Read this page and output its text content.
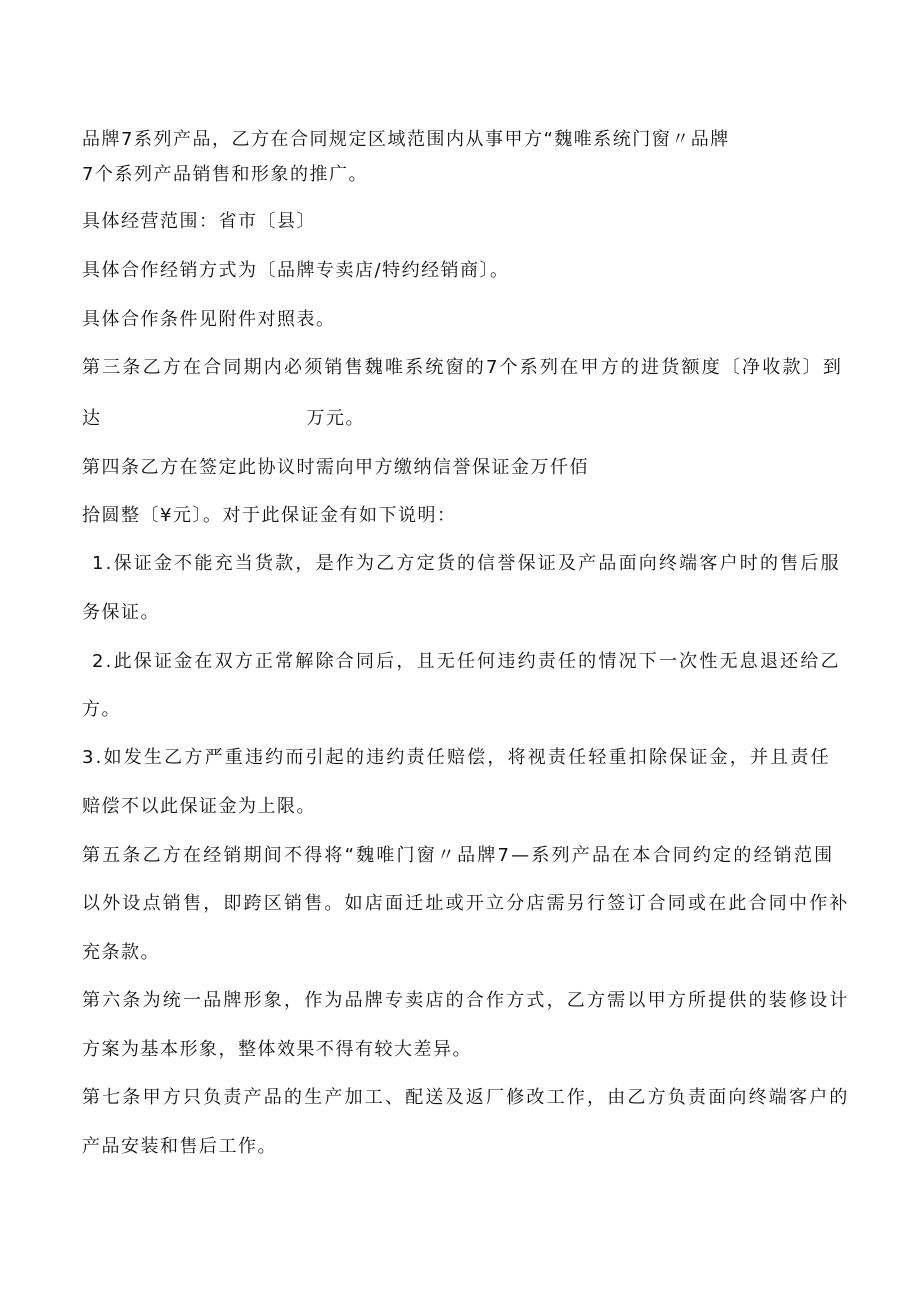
品牌7系列产品，乙方在合同规定区域范围内从事甲方“魏唯系统门窗〃品牌
7个系列产品销售和形象的推广。
具体经营范围：省市〔县〕
具体合作经销方式为〔品牌专卖店/特约经销商〕。
具体合作条件见附件对照表。
第三条乙方在合同期内必须销售魏唯系统窗的7个系列在甲方的进货额度〔净收款〕到
达	万元。
第四条乙方在签定此协议时需向甲方缴纳信誉保证金万仟佰
拾圆整〔¥元〕。对于此保证金有如下说明：
1.保证金不能充当货款，是作为乙方定货的信誉保证及产品面向终端客户时的售后服
务保证。
2.此保证金在双方正常解除合同后，且无任何违约责任的情况下一次性无息退还给乙
方。
3.如发生乙方严重违约而引起的违约责任赔偿，将视责任轻重扣除保证金，并且责任
赔偿不以此保证金为上限。
第五条乙方在经销期间不得将“魏唯门窗〃品牌7—系列产品在本合同约定的经销范围
以外设点销售，即跨区销售。如店面迁址或开立分店需另行签订合同或在此合同中作补
充条款。
第六条为统一品牌形象，作为品牌专卖店的合作方式，乙方需以甲方所提供的装修设计
方案为基本形象，整体效果不得有较大差异。
第七条甲方只负责产品的生产加工、配送及返厂修改工作，由乙方负责面向终端客户的
产品安装和售后工作。
